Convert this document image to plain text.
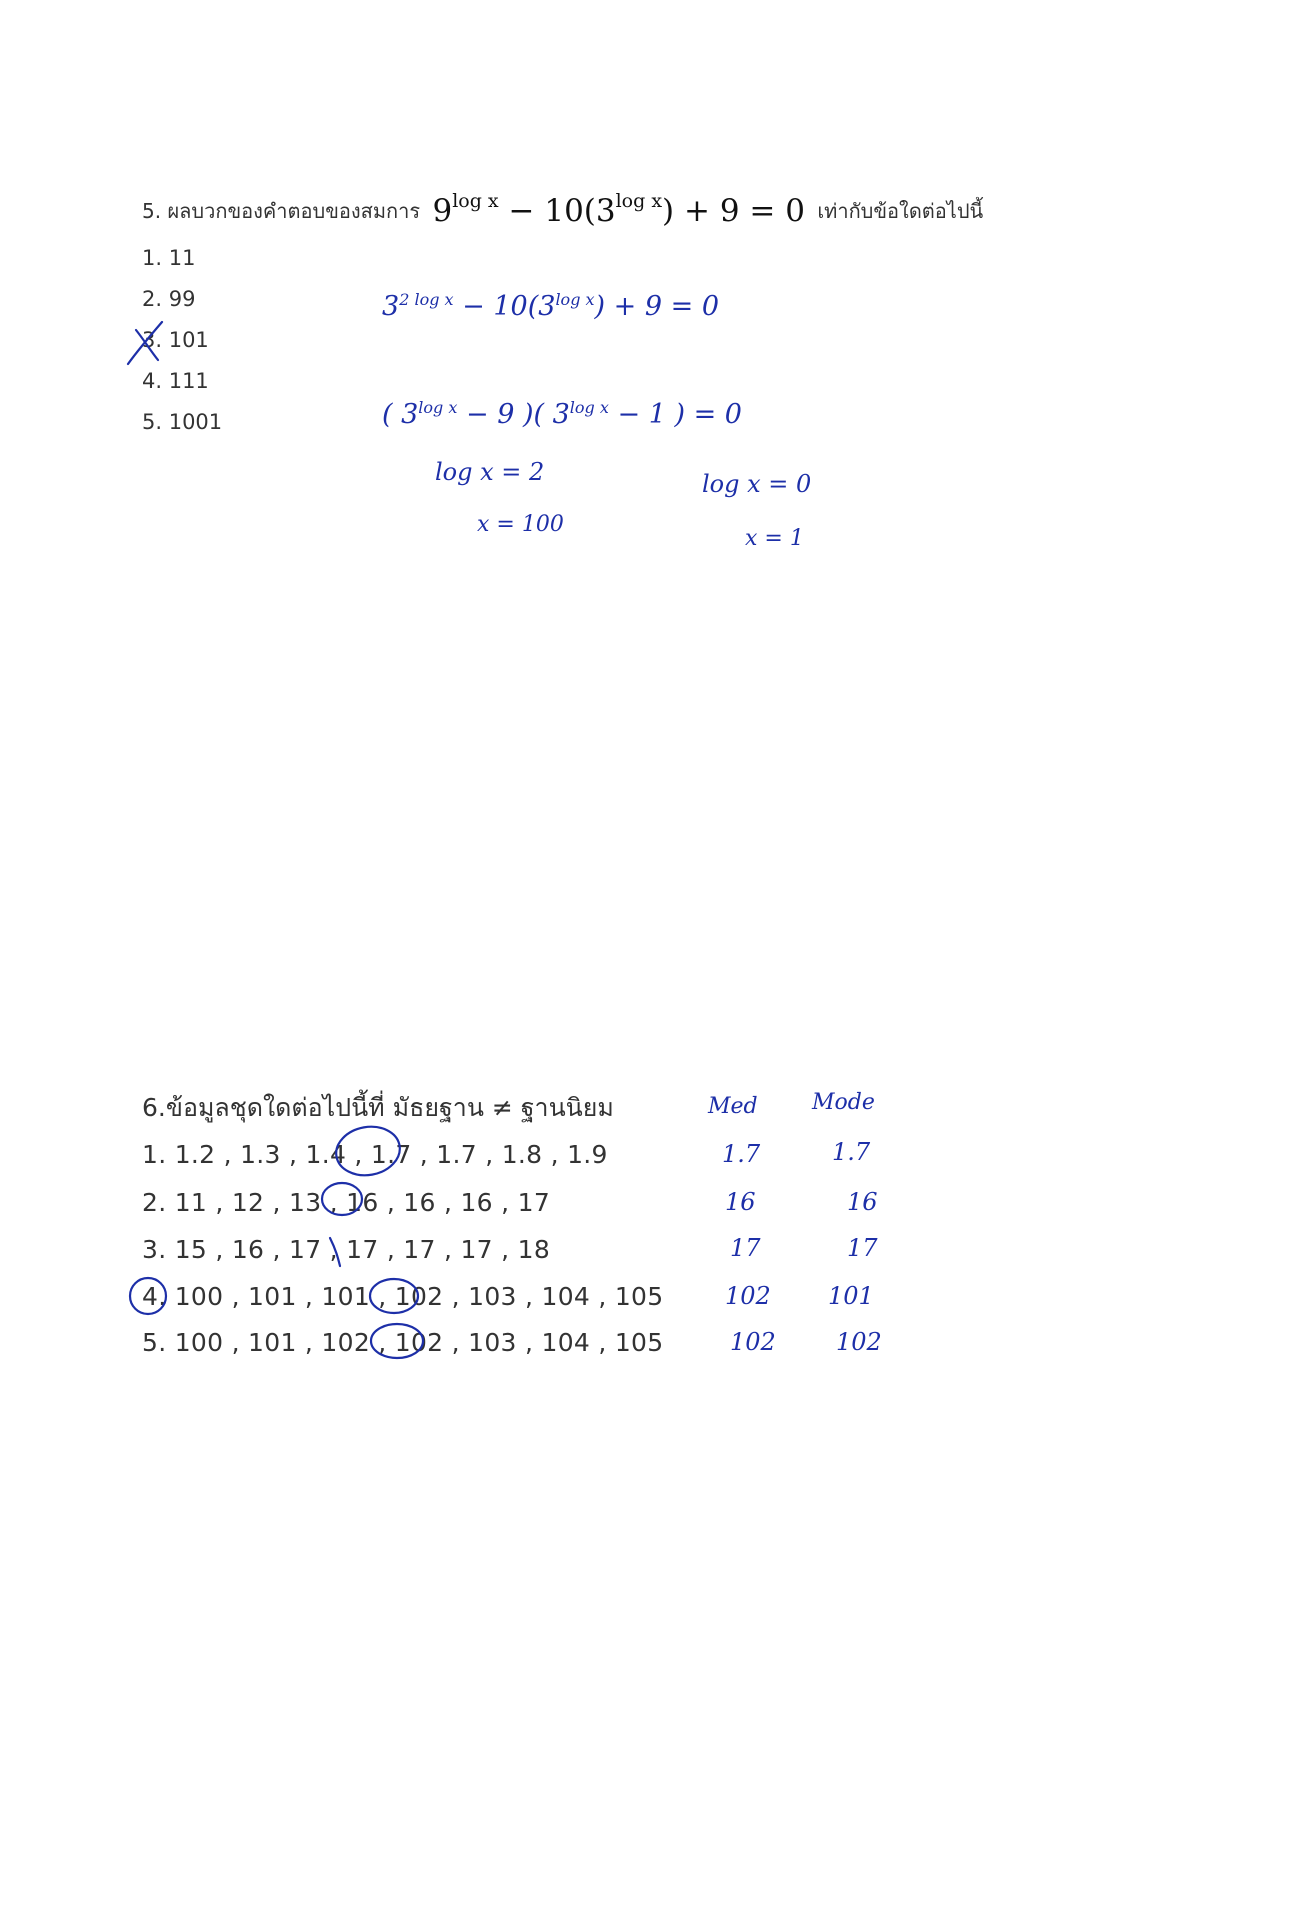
5. ผลบวกของคำตอบของสมการ $9^{log x} - 10(3^{log x}) + 9 = 0$ เท่ากับข้อใดต่อไปนี้
1. 11
2. 99
3. 101
4. 111
5. 1001
$3^{2 log x} - 10(3^{log x}) + 9 = 0$
( $3^{log x} - 9$ )( $3^{log x} - 1$ ) = 0
log x = 2
x = 100
log x = 0
x = 1
6.ข้อมูลชุดใดต่อไปนี้ที่ มัธยฐาน ≠ ฐานนิยม
1. 1.2 , 1.3 , 1.4 , 1.7 , 1.7 , 1.8 , 1.9
2. 11 , 12 , 13 , 16 , 16 , 16 , 17
3. 15 , 16 , 17 , 17 , 17 , 17 , 18
4. 100 , 101 , 101 , 102 , 103 , 104 , 105
5. 100 , 101 , 102 , 102 , 103 , 104 , 105
Med Mode
1.7
16
17
102
102
1.7
16
17
101
102
